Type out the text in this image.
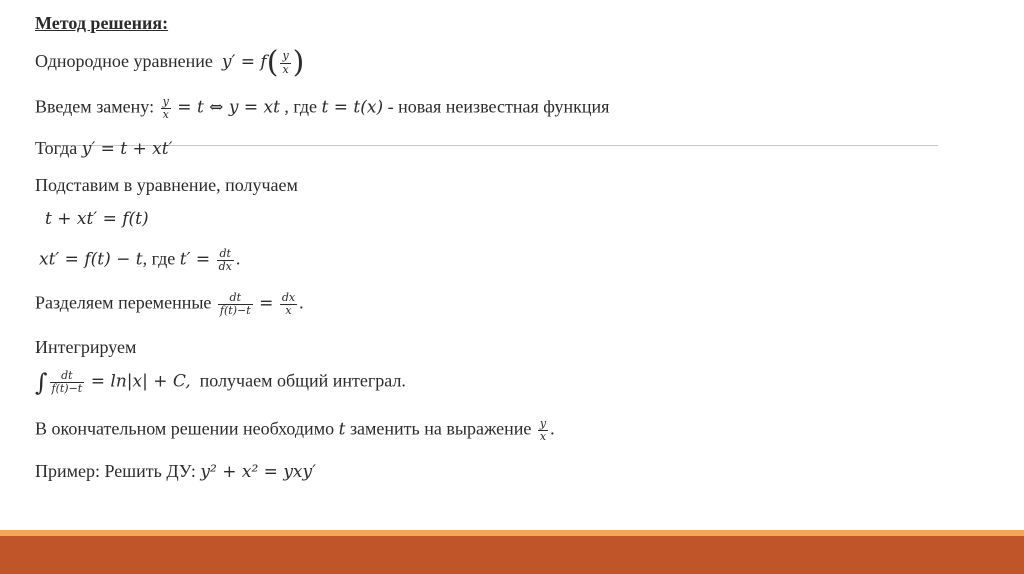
Метод решения:
Однородное уравнение $y' = f( \frac{y}{x}$ )
Введем замену: $\frac{y}{x} = t$ ⇔ y = xt , где t = t(x) - новая неизвестная функция
Тогда y′ = t + xt′
Подставим в уравнение, получаем
t + xt′ = f(t)
xt′ = f(t) − t, где $t' = \frac{dt}{dx}$ .
Разделяем переменные $\frac{dt}{f(t)-t} = \frac{dx}{x}$ .
Интегрируем
∫ $\frac{dt}{f(t)-t} = \ln|x| + C$, получаем общий интеграл.
В окончательном решении необходимо t заменить на выражение $\frac{y}{x}$ .
Пример: Решить ДУ: y² + x² = yxy′
